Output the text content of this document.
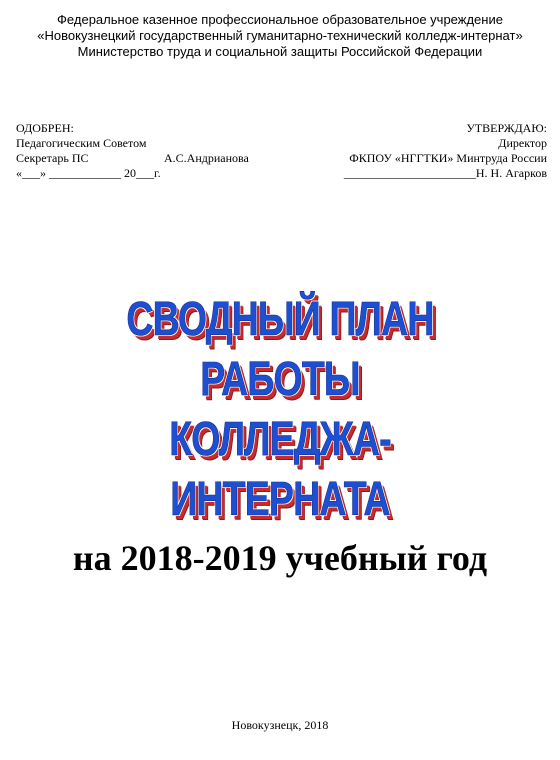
Федеральное казенное профессиональное образовательное учреждение
«Новокузнецкий государственный гуманитарно-технический колледж-интернат»
Министерство труда и социальной защиты Российской Федерации
ОДОБРЕН:
Педагогическим Советом
Секретарь ПС	А.С.Андрианова
«___» ____________ 20___г.
УТВЕРЖДАЮ:
Директор
ФКПОУ «НГГТКИ» Минтруда России
______________________Н. Н. Агарков
СВОДНЫЙ ПЛАН
РАБОТЫ
КОЛЛЕДЖА-ИНТЕРНАТА
на 2018-2019 учебный год
Новокузнецк, 2018
